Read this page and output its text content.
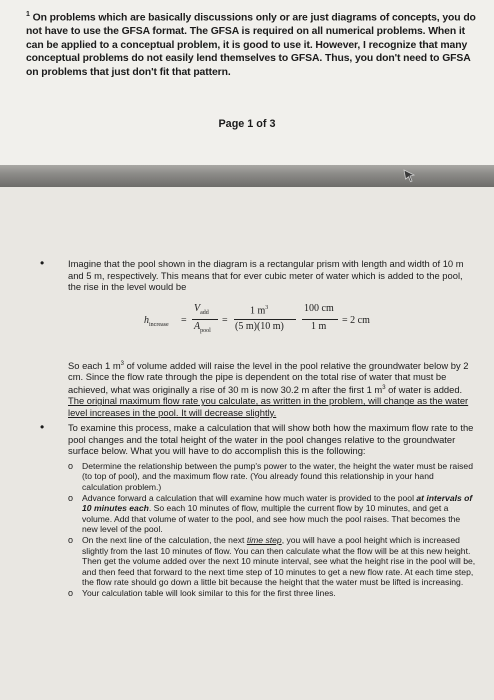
$^1$ On problems which are basically discussions only or are just diagrams of concepts, you do not have to use the GFSA format. The GFSA is required on all numerical problems. When it can be applied to a conceptual problem, it is good to use it. However, I recognize that many conceptual problems do not easily lend themselves to GFSA. Thus, you don't need to GFSA on problems that just don't fit that pattern.
Page 1 of 3
•	Imagine that the pool shown in the diagram is a rectangular prism with length and width of 10 m and 5 m, respectively. This means that for ever cubic meter of water which is added to the pool, the rise in the level would be
$h_{increase}$ =
$V_{add}$
$A_{pool}$
=
1 $m^3$
(5 m)(10 m)
100 cm
1 m
= 2 cm
So each 1 $m^3$ of volume added will raise the level in the pool relative the groundwater below by 2 cm. Since the flow rate through the pipe is dependent on the total rise of water that must be achieved, what was originally a rise of 30 m is now 30.2 m after the first 1 $m^3$ of water is added. The original maximum flow rate you calculate, as written in the problem, will change as the water level increases in the pool. It will decrease slightly.
•	To examine this process, make a calculation that will show both how the maximum flow rate to the pool changes and the total height of the water in the pool changes relative to the groundwater surface below. What you will have to do accomplish this is the following:
o Determine the relationship between the pump's power to the water, the height the water must be raised (to top of pool), and the maximum flow rate. (You already found this relationship in your hand calculation problem.)
o Advance forward a calculation that will examine how much water is provided to the pool at intervals of 10 minutes each. So each 10 minutes of flow, multiple the current flow by 10 minutes, and get a volume. Add that volume of water to the pool, and see how much the pool raises. That becomes the new level of the pool.
o On the next line of the calculation, the next time step, you will have a pool height which is increased slightly from the last 10 minutes of flow. You can then calculate what the flow will be at this new height. Then get the volume added over the next 10 minute interval, see what the height rise in the pool will be, and then feed that forward to the next time step of 10 minutes to get a new flow rate. At each time step, the flow rate should go down a little bit because the height that the water must be lifted is increasing.
o Your calculation table will look similar to this for the first three lines.
